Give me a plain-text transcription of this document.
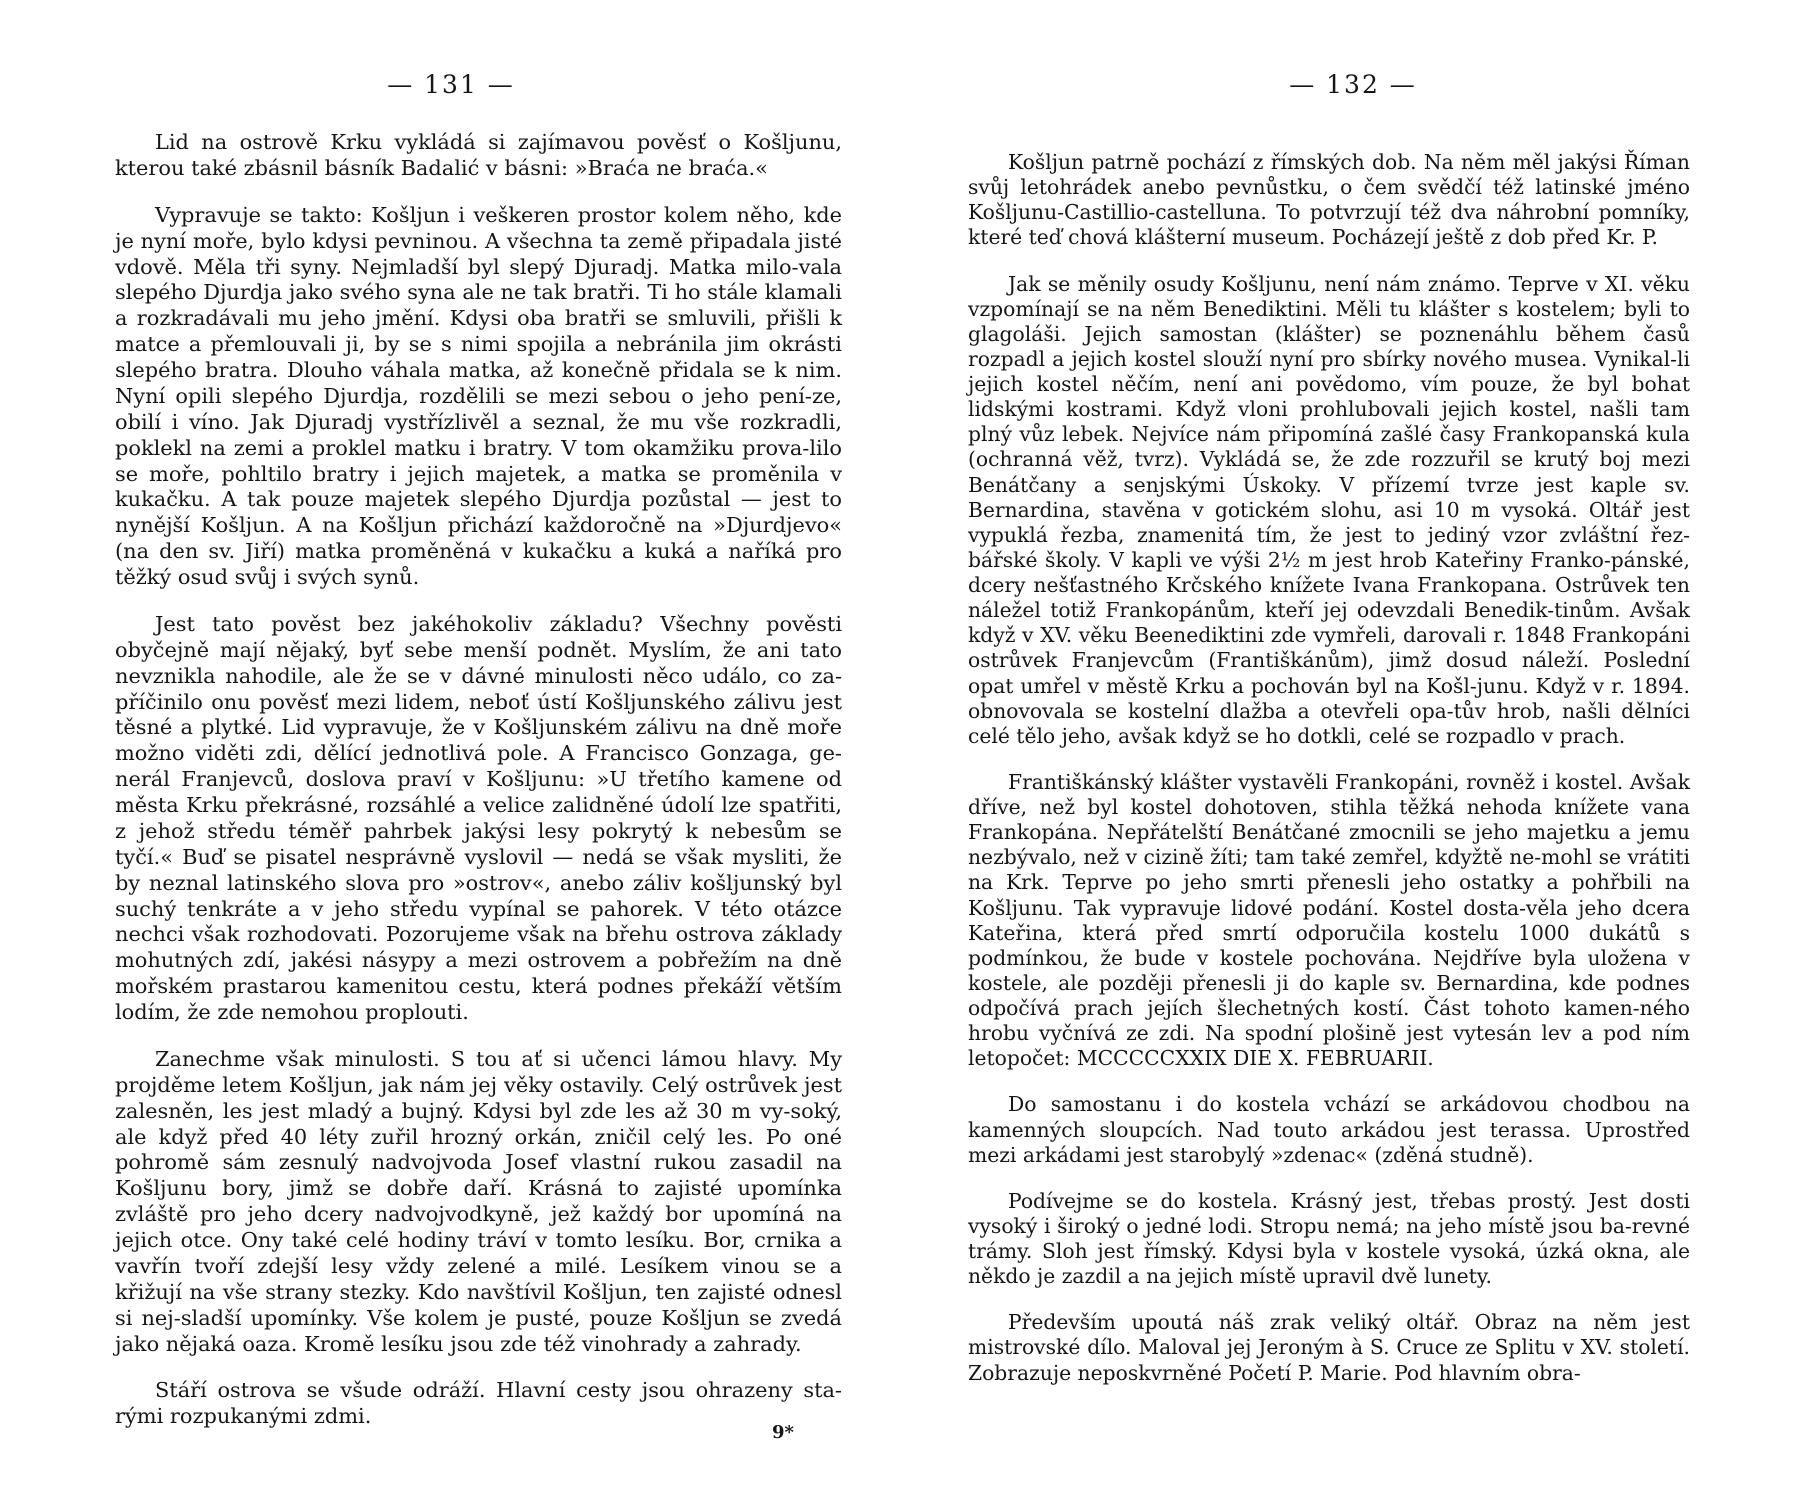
— 131 —

Lid na ostrově Krku vykládá si zajímavou pověsť o Košljunu, kterou také zbásnil básník Badalić v básni: »Braća ne braća.«

Vypravuje se takto: Košljun i veškeren prostor kolem něho, kde je nyní moře, bylo kdysi pevninou. A všechna ta země připadala jisté vdově. Měla tři syny. Nejmladší byl slepý Djuradj. Matka milo-vala slepého Djurdja jako svého syna ale ne tak bratři. Ti ho stále klamali a rozkradávali mu jeho jmění. Kdysi oba bratři se smluvili, přišli k matce a přemlouvali ji, by se s nimi spojila a nebránila jim okrásti slepého bratra. Dlouho váhala matka, až konečně přidala se k nim. Nyní opili slepého Djurdja, rozdělili se mezi sebou o jeho pení-ze, obilí i víno. Jak Djuradj vystřízlivěl a seznal, že mu vše rozkradli, poklekl na zemi a proklel matku i bratry. V tom okamžiku prova-lilo se moře, pohltilo bratry i jejich majetek, a matka se proměnila v kukačku. A tak pouze majetek slepého Djurdja pozůstal — jest to nynější Košljun. A na Košljun přichází každoročně na »Djurdjevo« (na den sv. Jiří) matka proměněná v kukačku a kuká a naříká pro těžký osud svůj i svých synů.

Jest tato pověst bez jakéhokoliv základu? Všechny pověsti obyčejně mají nějaký, byť sebe menší podnět. Myslím, že ani tato nevznikla nahodile, ale že se v dávné minulosti něco událo, co za-příčinilo onu pověsť mezi lidem, neboť ústí Košljunského zálivu jest těsné a plytké. Lid vypravuje, že v Košljunském zálivu na dně moře možno viděti zdi, dělící jednotlivá pole. A Francisco Gonzaga, ge-nerál Franjevců, doslova praví v Košljunu: »U třetího kamene od města Krku překrásné, rozsáhlé a velice zalidněné údolí lze spatřiti, z jehož středu téměř pahrbek jakýsi lesy pokrytý k nebesům se tyčí.« Buď se pisatel nesprávně vyslovil — nedá se však mysliti, že by neznal latinského slova pro »ostrov«, anebo záliv košljunský byl suchý tenkráte a v jeho středu vypínal se pahorek. V této otázce nechci však rozhodovati. Pozorujeme však na břehu ostrova základy mohutných zdí, jakési násypy a mezi ostrovem a pobřežím na dně mořském prastarou kamenitou cestu, která podnes překáží větším lodím, že zde nemohou proplouti.

Zanechme však minulosti. S tou ať si učenci lámou hlavy. My projděme letem Košljun, jak nám jej věky ostavily. Celý ostrůvek jest zalesněn, les jest mladý a bujný. Kdysi byl zde les až 30 m vy-soký, ale když před 40 léty zuřil hrozný orkán, zničil celý les. Po oné pohromě sám zesnulý nadvojvoda Josef vlastní rukou zasadil na Košljunu bory, jimž se dobře daří. Krásná to zajisté upomínka zvláště pro jeho dcery nadvojvodkyně, jež každý bor upomíná na jejich otce. Ony také celé hodiny tráví v tomto lesíku. Bor, crnika a vavřín tvoří zdejší lesy vždy zelené a milé. Lesíkem vinou se a křižují na vše strany stezky. Kdo navštívil Košljun, ten zajisté odnesl si nej-sladší upomínky. Vše kolem je pusté, pouze Košljun se zvedá jako nějaká oaza. Kromě lesíku jsou zde též vinohrady a zahrady.

Stáří ostrova se všude odráží. Hlavní cesty jsou ohrazeny sta-rými rozpukanými zdmi.

9*
— 132 —

Košljun patrně pochází z římských dob. Na něm měl jakýsi Říman svůj letohrádek anebo pevnůstku, o čem svědčí též latinské jméno Košljunu-Castillio-castelluna. To potvrzují též dva náhrobní pomníky, které teď chová klášterní museum. Pocházejí ještě z dob před Kr. P.

Jak se měnily osudy Košljunu, není nám známo. Teprve v XI. věku vzpomínají se na něm Benediktini. Měli tu klášter s kostelem; byli to glagoláši. Jejich samostan (klášter) se poznenáhlu během časů rozpadl a jejich kostel slouží nyní pro sbírky nového musea. Vynikal-li jejich kostel něčím, není ani povědomo, vím pouze, že byl bohat lidskými kostrami. Když vloni prohlubovali jejich kostel, našli tam plný vůz lebek. Nejvíce nám připomíná zašlé časy Frankopanská kula (ochranná věž, tvrz). Vykládá se, že zde rozzuřil se krutý boj mezi Benátčany a senjskými Úskoky. V přízemí tvrze jest kaple sv. Bernardina, stavěna v gotickém slohu, asi 10 m vysoká. Oltář jest vypuklá řezba, znamenitá tím, že jest to jediný vzor zvláštní řez-bářské školy. V kapli ve výši 2½ m jest hrob Kateřiny Franko-pánské, dcery nešťastného Krčského knížete Ivana Frankopana. Ostrůvek ten náležel totiž Frankopánům, kteří jej odevzdali Benedik-tinům. Avšak když v XV. věku Beenediktini zde vymřeli, darovali r. 1848 Frankopáni ostrůvek Franjevcům (Františkánům), jimž dosud náleží. Poslední opat umřel v městě Krku a pochován byl na Košl-junu. Když v r. 1894. obnovovala se kostelní dlažba a otevřeli opa-tův hrob, našli dělníci celé tělo jeho, avšak když se ho dotkli, celé se rozpadlo v prach.

Františkánský klášter vystavěli Frankopáni, rovněž i kostel. Avšak dříve, než byl kostel dohotoven, stihla těžká nehoda knížete vana Frankopána. Nepřátelští Benátčané zmocnili se jeho majetku a jemu nezbývalo, než v cizině žíti; tam také zemřel, kdyžtě ne-mohl se vrátiti na Krk. Teprve po jeho smrti přenesli jeho ostatky a pohřbili na Košljunu. Tak vypravuje lidové podání. Kostel dosta-věla jeho dcera Kateřina, která před smrtí odporučila kostelu 1000 dukátů s podmínkou, že bude v kostele pochována. Nejdříve byla uložena v kostele, ale později přenesli ji do kaple sv. Bernardina, kde podnes odpočívá prach jejích šlechetných kostí. Část tohoto kamen-ného hrobu vyčnívá ze zdi. Na spodní plošině jest vytesán lev a pod ním letopočet: MCCCCCXXIX DIE X. FEBRUARII.

Do samostanu i do kostela vchází se arkádovou chodbou na kamenných sloupcích. Nad touto arkádou jest terassa. Uprostřed mezi arkádami jest starobylý »zdenac« (zděná studně).

Podívejme se do kostela. Krásný jest, třebas prostý. Jest dosti vysoký i široký o jedné lodi. Stropu nemá; na jeho místě jsou ba-revné trámy. Sloh jest římský. Kdysi byla v kostele vysoká, úzká okna, ale někdo je zazdil a na jejich místě upravil dvě lunety.

Především upoutá náš zrak veliký oltář. Obraz na něm jest mistrovské dílo. Maloval jej Jeroným à S. Cruce ze Splitu v XV. století. Zobrazuje neposkvrněné Početí P. Marie. Pod hlavním obra-
